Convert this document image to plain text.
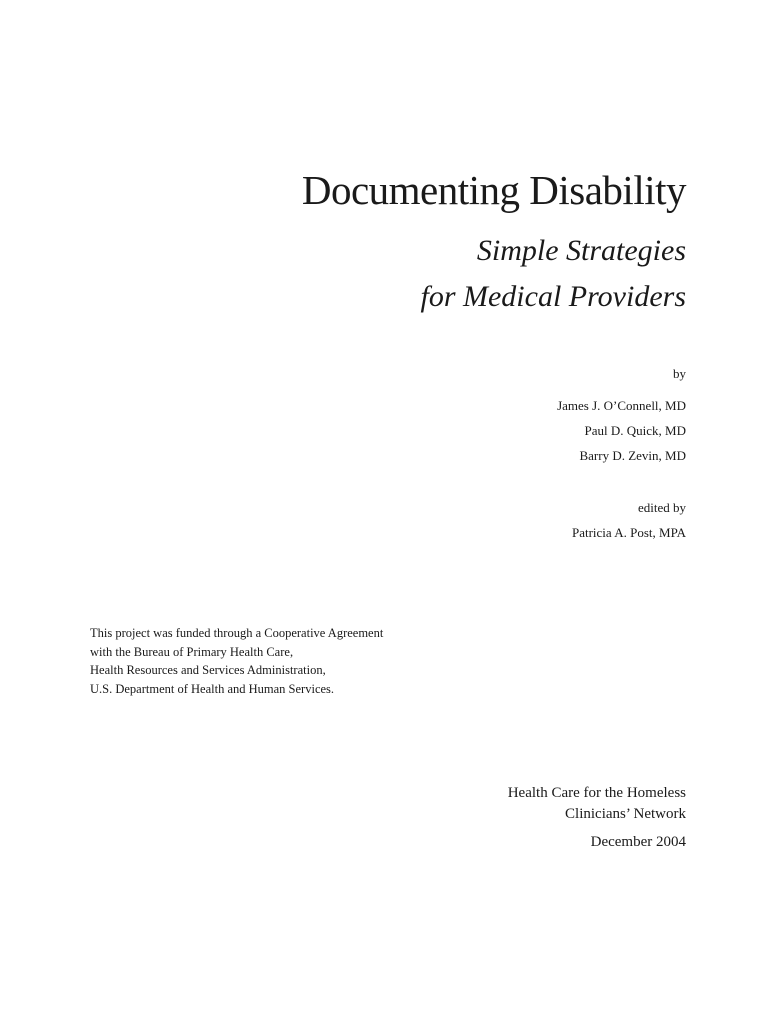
Documenting Disability
Simple Strategies
for Medical Providers
by
James J. O’Connell, MD
Paul D. Quick, MD
Barry D. Zevin, MD
edited by
Patricia A. Post, MPA
This project was funded through a Cooperative Agreement
with the Bureau of Primary Health Care,
Health Resources and Services Administration,
U.S. Department of Health and Human Services.
Health Care for the Homeless
Clinicians’ Network
December 2004
